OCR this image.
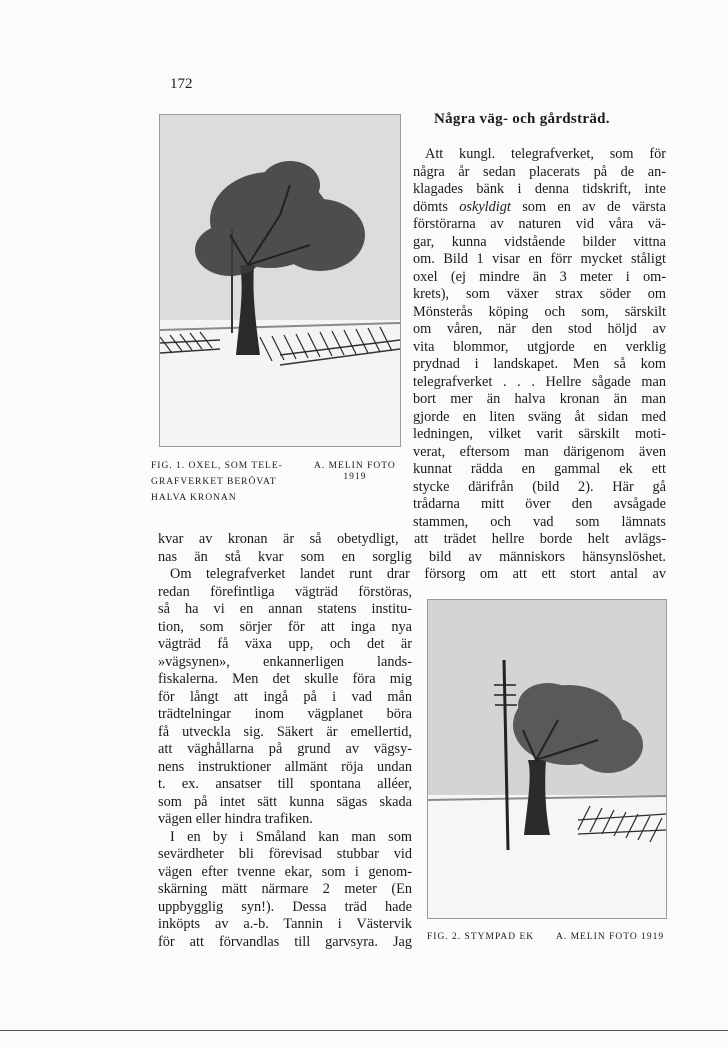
172
Några väg- och gårdsträd.
FIG. 1. OXEL, SOM TELE-
GRAFVERKET BERÖVAT
HALVA KRONAN
A. MELIN FOTO
1919
Att kungl. telegrafverket, som för
några år sedan placerats på de an-
klagades bänk i denna tidskrift, inte
dömts oskyldigt som en av de värsta
förstörarna av naturen vid våra vä-
gar, kunna vidstående bilder vittna
om. Bild 1 visar en förr mycket ståligt
oxel (ej mindre än 3 meter i om-
krets), som växer strax söder om
Mönsterås köping och som, särskilt
om våren, när den stod höljd av
vita blommor, utgjorde en verklig
prydnad i landskapet. Men så kom
telegrafverket . . . Hellre sågade man
bort mer än halva kronan än man
gjorde en liten sväng åt sidan med
ledningen, vilket varit särskilt moti-
verat, eftersom man därigenom även
kunnat rädda en gammal ek ett
stycke därifrån (bild 2). Här gå
trådarna mitt över den avsågade
stammen, och vad som lämnats
kvar av kronan är så obetydligt, att trädet hellre borde helt avlägs-
nas än stå kvar som en sorglig bild av människors hänsynslöshet.
Om telegrafverket landet runt drar försorg om att ett stort antal av
redan förefintliga vägträd förstöras,
så ha vi en annan statens institu-
tion, som sörjer för att inga nya
vägträd få växa upp, och det är
»vägsynen», enkannerligen lands-
fiskalerna. Men det skulle föra mig
för långt att ingå på i vad mån
trädtelningar inom vägplanet böra
få utveckla sig. Säkert är emellertid,
att väghållarna på grund av vägsy-
nens instruktioner allmänt röja undan
t. ex. ansatser till spontana alléer,
som på intet sätt kunna sägas skada
vägen eller hindra trafiken.
I en by i Småland kan man som
sevärdheter bli förevisad stubbar vid
vägen efter tvenne ekar, som i genom-
skärning mätt närmare 2 meter (En
uppbygglig syn!). Dessa träd hade
inköpts av a.-b. Tannin i Västervik
för att förvandlas till garvsyra. Jag FIG. 2. STYMPAD EK A. MELIN FOTO 1919
